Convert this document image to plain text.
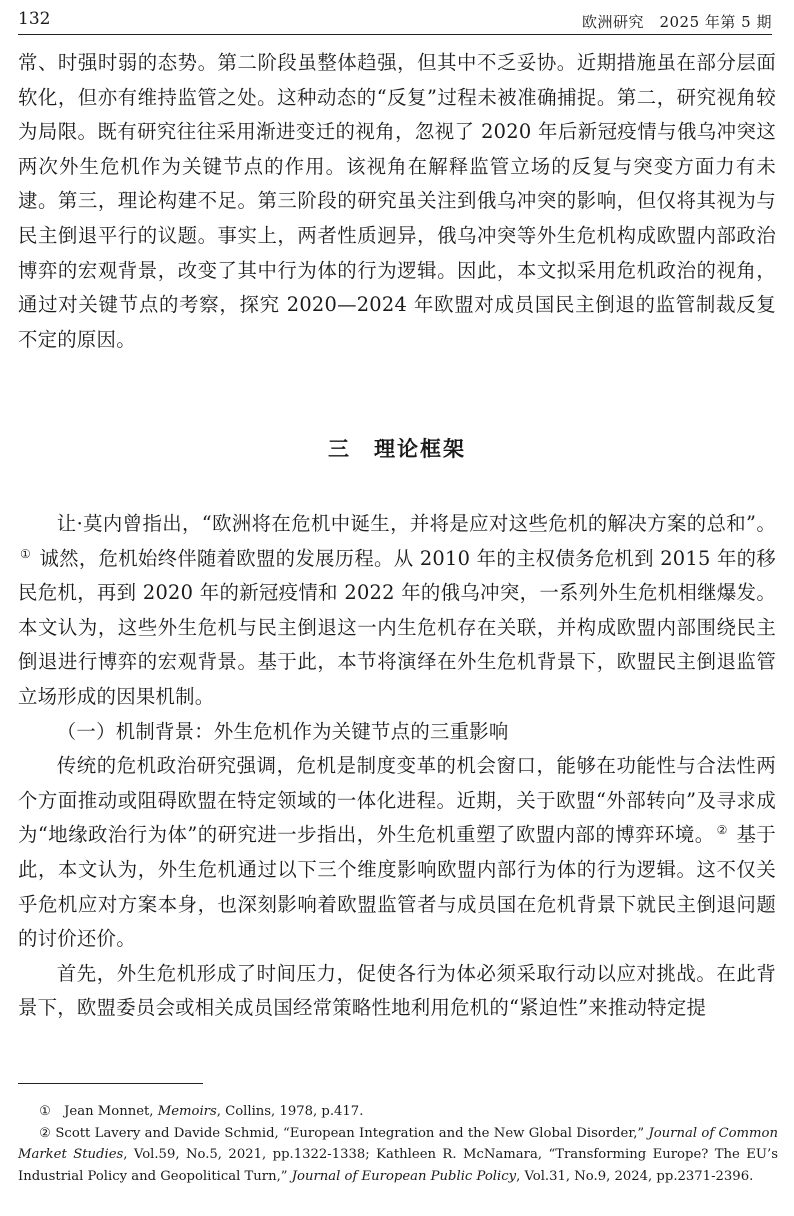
132	欧洲研究　2025 年第 5 期

常、时强时弱的态势。第二阶段虽整体趋强，但其中不乏妥协。近期措施虽在部分层面软化，但亦有维持监管之处。这种动态的“反复”过程未被准确捕捉。第二，研究视角较为局限。既有研究往往采用渐进变迁的视角，忽视了 2020 年后新冠疫情与俄乌冲突这两次外生危机作为关键节点的作用。该视角在解释监管立场的反复与突变方面力有未逮。第三，理论构建不足。第三阶段的研究虽关注到俄乌冲突的影响，但仅将其视为与民主倒退平行的议题。事实上，两者性质迥异，俄乌冲突等外生危机构成欧盟内部政治博弈的宏观背景，改变了其中行为体的行为逻辑。因此，本文拟采用危机政治的视角，通过对关键节点的考察，探究 2020—2024 年欧盟对成员国民主倒退的监管制裁反复不定的原因。

三　理论框架

让·莫内曾指出，“欧洲将在危机中诞生，并将是应对这些危机的解决方案的总和”。① 诚然，危机始终伴随着欧盟的发展历程。从 2010 年的主权债务危机到 2015 年的移民危机，再到 2020 年的新冠疫情和 2022 年的俄乌冲突，一系列外生危机相继爆发。本文认为，这些外生危机与民主倒退这一内生危机存在关联，并构成欧盟内部围绕民主倒退进行博弈的宏观背景。基于此，本节将演绎在外生危机背景下，欧盟民主倒退监管立场形成的因果机制。

（一）机制背景：外生危机作为关键节点的三重影响

传统的危机政治研究强调，危机是制度变革的机会窗口，能够在功能性与合法性两个方面推动或阻碍欧盟在特定领域的一体化进程。近期，关于欧盟“外部转向”及寻求成为“地缘政治行为体”的研究进一步指出，外生危机重塑了欧盟内部的博弈环境。 ② 基于此，本文认为，外生危机通过以下三个维度影响欧盟内部行为体的行为逻辑。这不仅关乎危机应对方案本身，也深刻影响着欧盟监管者与成员国在危机背景下就民主倒退问题的讨价还价。

首先，外生危机形成了时间压力，促使各行为体必须采取行动以应对挑战。在此背景下，欧盟委员会或相关成员国经常策略性地利用危机的“紧迫性”来推动特定提

①　 Jean Monnet, Memoirs, Collins, 1978, p.417.

② Scott Lavery and Davide Schmid, “European Integration and the New Global Disorder,” Journal of Common Market Studies, Vol.59, No.5, 2021, pp.1322-1338; Kathleen R. McNamara, “Transforming Europe? The EU’s Industrial Policy and Geopolitical Turn,” Journal of European Public Policy, Vol.31, No.9, 2024, pp.2371-2396.
